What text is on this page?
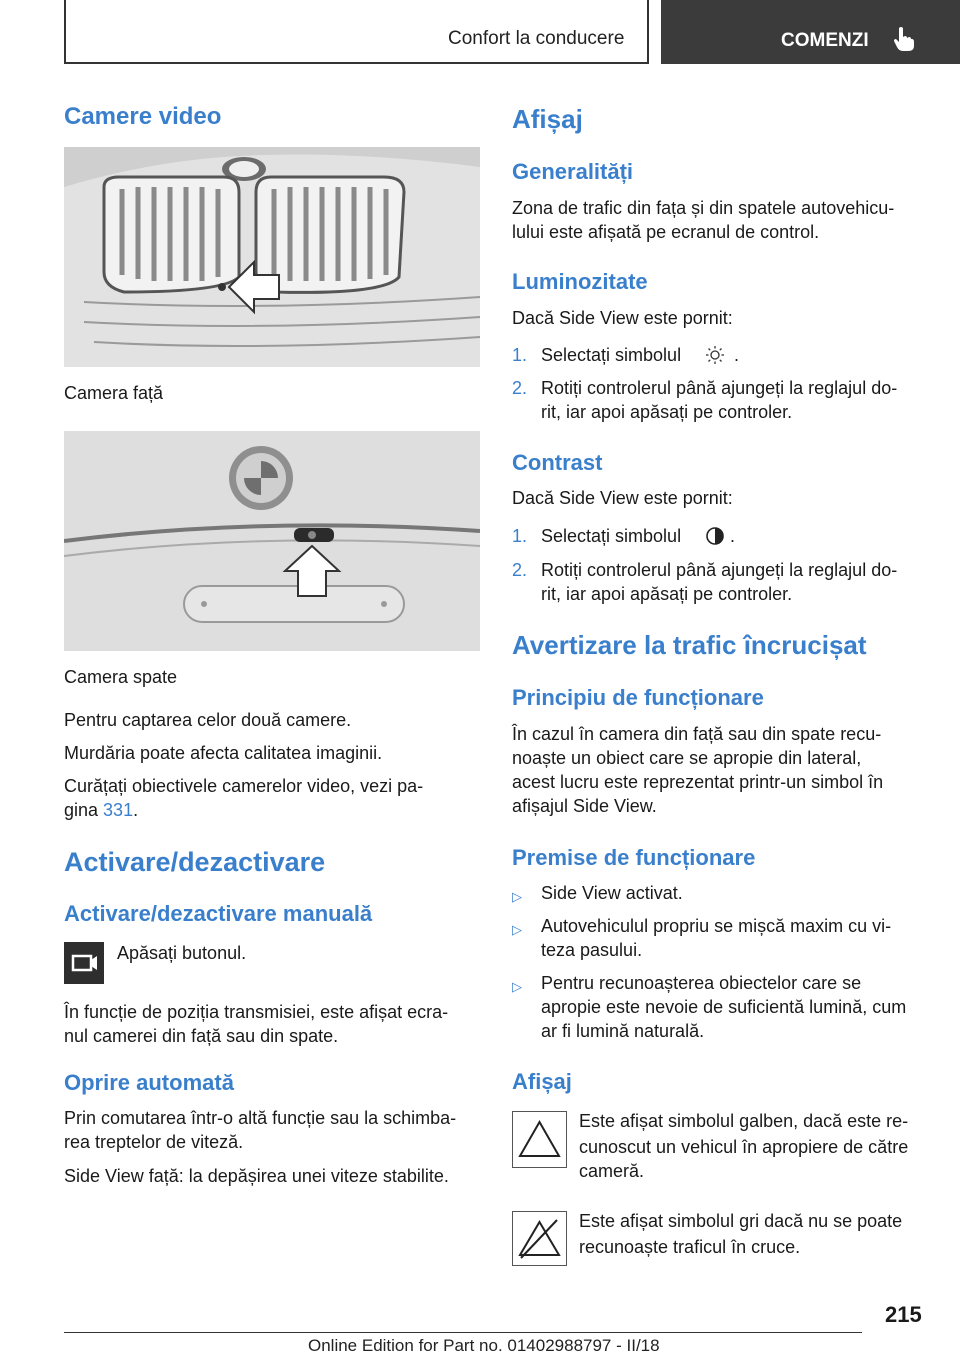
Confort la conducere	COMENZI
Camere video

Camera față

Camera spate

Pentru captarea celor două camere.

Murdăria poate afecta calitatea imaginii.

Curățați obiectivele camerelor video, vezi pa‐

gina 331.

Activare/dezactivare
Activare/dezactivare manuală

Apăsați butonul.

În funcție de poziția transmisiei, este afișat ecra‐

nul camerei din față sau din spate.

Oprire automată

Prin comutarea într-o altă funcție sau la schimba‐

rea treptelor de viteză.

Side View față: la depășirea unei viteze stabilite.

Afișaj
Generalități

Zona de trafic din fața și din spatele autovehicu‐

lului este afișată pe ecranul de control.

Luminozitate

Dacă Side View este pornit:

1. Selectați simbolul	.
2. Rotiți controlerul până ajungeți la reglajul do‐
rit, iar apoi apăsați pe controler.
Contrast

Dacă Side View este pornit:

1. Selectați simbolul	.
2. Rotiți controlerul până ajungeți la reglajul do‐
rit, iar apoi apăsați pe controler.
Avertizare la trafic încrucișat
Principiu de funcționare

În cazul în camera din față sau din spate recu‐

noaște un obiect care se apropie din lateral,

acest lucru este reprezentat printr-un simbol în

afișajul Side View.

Premise de funcționare
▷ Side View activat.
▷ Autovehiculul propriu se mișcă maxim cu vi‐
teza pasului.
▷ Pentru recunoașterea obiectelor care se
apropie este nevoie de suficientă lumină, cum
ar fi lumină naturală.
Afișaj

Este afișat simbolul galben, dacă este re‐

cunoscut un vehicul în apropiere de către

cameră.

Este afișat simbolul gri dacă nu se poate

recunoaște traficul în cruce.

215
Online Edition for Part no. 01402988797 - II/18
